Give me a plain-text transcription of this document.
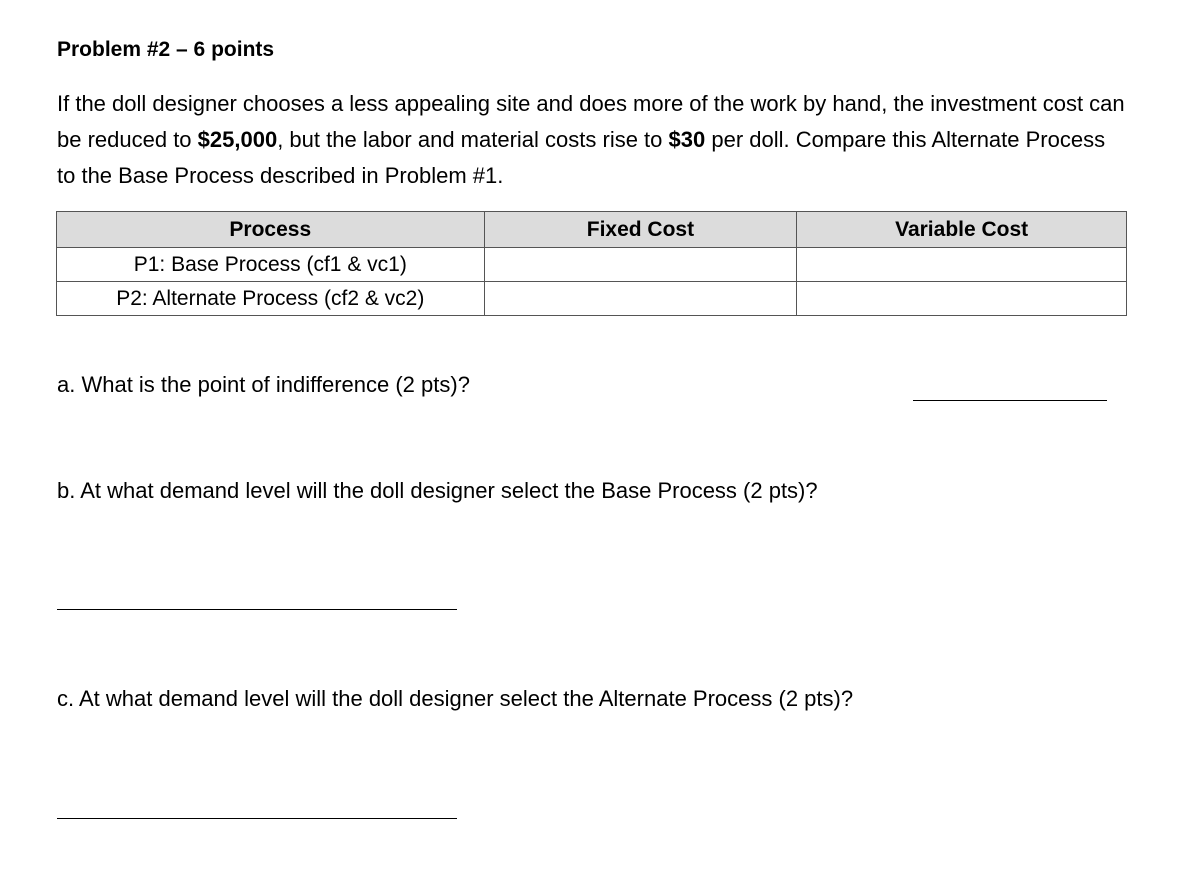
Problem #2 – 6 points
If the doll designer chooses a less appealing site and does more of the work by hand, the investment cost can be reduced to $25,000, but the labor and material costs rise to $30 per doll. Compare this Alternate Process to the Base Process described in Problem #1.
Process	Fixed Cost	Variable Cost
P1: Base Process (cf1 & vc1)		
P2: Alternate Process (cf2 & vc2)		
a. What is the point of indifference (2 pts)?
b. At what demand level will the doll designer select the Base Process (2 pts)?
c. At what demand level will the doll designer select the Alternate Process (2 pts)?
